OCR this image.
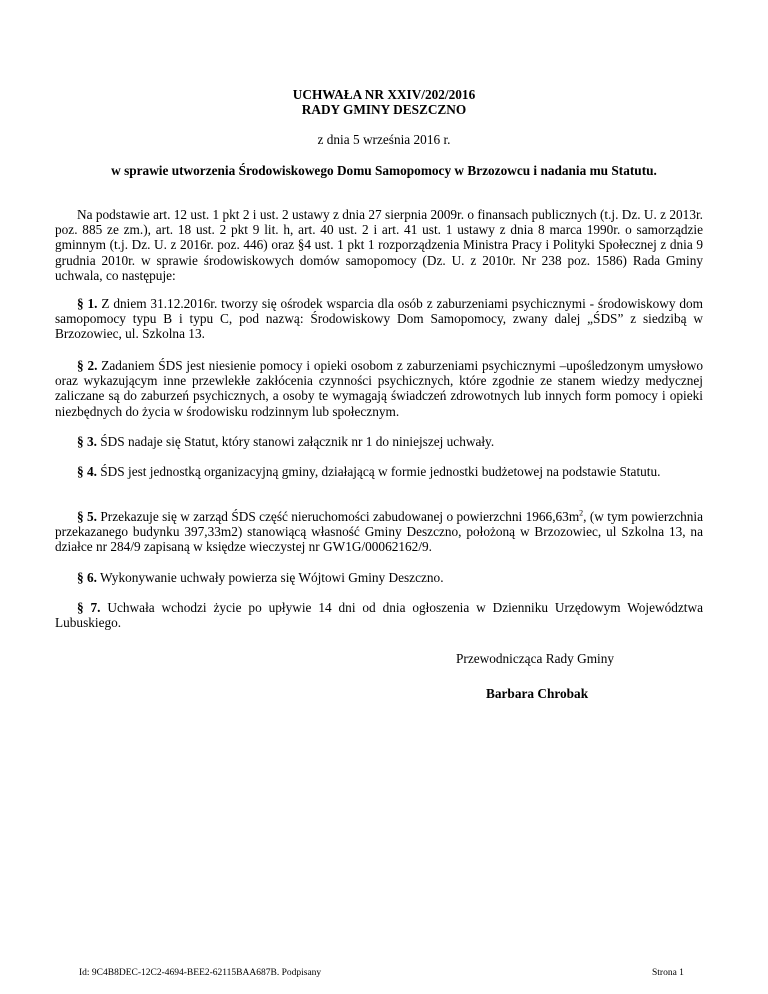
UCHWAŁA NR XXIV/202/2016
RADY GMINY DESZCZNO
z dnia 5 września 2016 r.
w sprawie utworzenia Środowiskowego Domu Samopomocy w Brzozowcu i nadania mu Statutu.

Na podstawie art. 12 ust. 1 pkt 2 i ust. 2 ustawy z dnia 27 sierpnia 2009r. o finansach publicznych (t.j. Dz. U. z 2013r. poz. 885 ze zm.), art. 18 ust. 2 pkt 9 lit. h, art. 40 ust. 2 i art. 41 ust. 1 ustawy z dnia 8 marca 1990r. o samorządzie gminnym (t.j. Dz. U. z 2016r. poz. 446) oraz §4 ust. 1 pkt 1 rozporządzenia Ministra Pracy i Polityki Społecznej z dnia 9 grudnia 2010r. w sprawie środowiskowych domów samopomocy (Dz. U. z 2010r. Nr 238 poz. 1586) Rada Gminy uchwala, co następuje:

§ 1. Z dniem 31.12.2016r. tworzy się ośrodek wsparcia dla osób z zaburzeniami psychicznymi - środowiskowy dom samopomocy typu B i typu C, pod nazwą: Środowiskowy Dom Samopomocy, zwany dalej „ŚDS” z siedzibą w Brzozowiec, ul. Szkolna 13.

§ 2. Zadaniem ŚDS jest niesienie pomocy i opieki osobom z zaburzeniami psychicznymi –upośledzonym umysłowo oraz wykazującym inne przewlekłe zakłócenia czynności psychicznych, które zgodnie ze stanem wiedzy medycznej zaliczane są do zaburzeń psychicznych, a osoby te wymagają świadczeń zdrowotnych lub innych form pomocy i opieki niezbędnych do życia w środowisku rodzinnym lub społecznym.

§ 3. ŚDS nadaje się Statut, który stanowi załącznik nr 1 do niniejszej uchwały.

§ 4. ŚDS jest jednostką organizacyjną gminy, działającą w formie jednostki budżetowej na podstawie Statutu.

§ 5. Przekazuje się w zarząd ŚDS część nieruchomości zabudowanej o powierzchni $1966,63m^2$, (w tym powierzchnia przekazanego budynku 397,33m2) stanowiącą własność Gminy Deszczno, położoną w Brzozowiec, ul Szkolna 13, na działce nr 284/9 zapisaną w księdze wieczystej nr GW1G/00062162/9.

§ 6. Wykonywanie uchwały powierza się Wójtowi Gminy Deszczno.

§ 7. Uchwała wchodzi życie po upływie 14 dni od dnia ogłoszenia w Dzienniku Urzędowym Województwa Lubuskiego.

Przewodnicząca Rady Gminy
Barbara Chrobak
Id: 9C4B8DEC-12C2-4694-BEE2-62115BAA687B. Podpisany	Strona 1
